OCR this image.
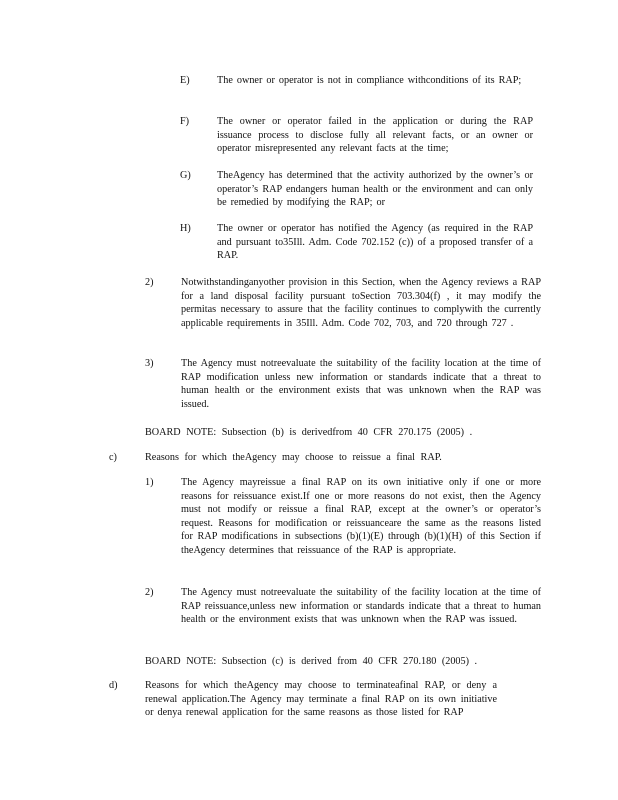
E)	The owner or operator is not in compliance withconditions of its RAP;
F)	The owner or operator failed in the application or during the RAP issuance process to disclose fully all relevant facts, or an owner or operator misrepresented any relevant facts at the time;
G)	TheAgency has determined that the activity authorized by the owner’s or operator’s RAP endangers human health or the environment and can only be remedied by modifying the RAP; or
H)	The owner or operator has notified the Agency (as required in the RAP and pursuant to35Ill. Adm. Code 702.152 (c)) of a proposed transfer of a RAP.
2)	Notwithstandinganyother provision in this Section, when the Agency reviews a RAP for a land disposal facility pursuant toSection 703.304(f) , it may modify the permitas necessary to assure that the facility continues to complywith the currently applicable requirements in 35Ill. Adm. Code 702, 703, and 720 through 727 .
3)	The Agency must notreevaluate the suitability of the facility location at the time of RAP modification unless new information or standards indicate that a threat to human health or the environment exists that was unknown when the RAP was issued.
BOARD NOTE: Subsection (b) is derivedfrom 40 CFR 270.175 (2005) .
c)	Reasons for which theAgency may choose to reissue a final RAP.
1)	The Agency mayreissue a final RAP on its own initiative only if one or more reasons for reissuance exist.If one or more reasons do not exist, then the Agency must not modify or reissue a final RAP, except at the owner’s or operator’s request. Reasons for modification or reissuanceare the same as the reasons listed for RAP modifications in subsections (b)(1)(E) through (b)(1)(H) of this Section if theAgency determines that reissuance of the RAP is appropriate.
2)	The Agency must notreevaluate the suitability of the facility location at the time of RAP reissuance,unless new information or standards indicate that a threat to human health or the environment exists that was unknown when the RAP was issued.
BOARD NOTE: Subsection (c) is derived from 40 CFR 270.180 (2005) .
d)	Reasons for which theAgency may choose to terminateafinal RAP, or deny a renewal application.The Agency may terminate a final RAP on its own initiative or denya renewal application for the same reasons as those listed for RAP
